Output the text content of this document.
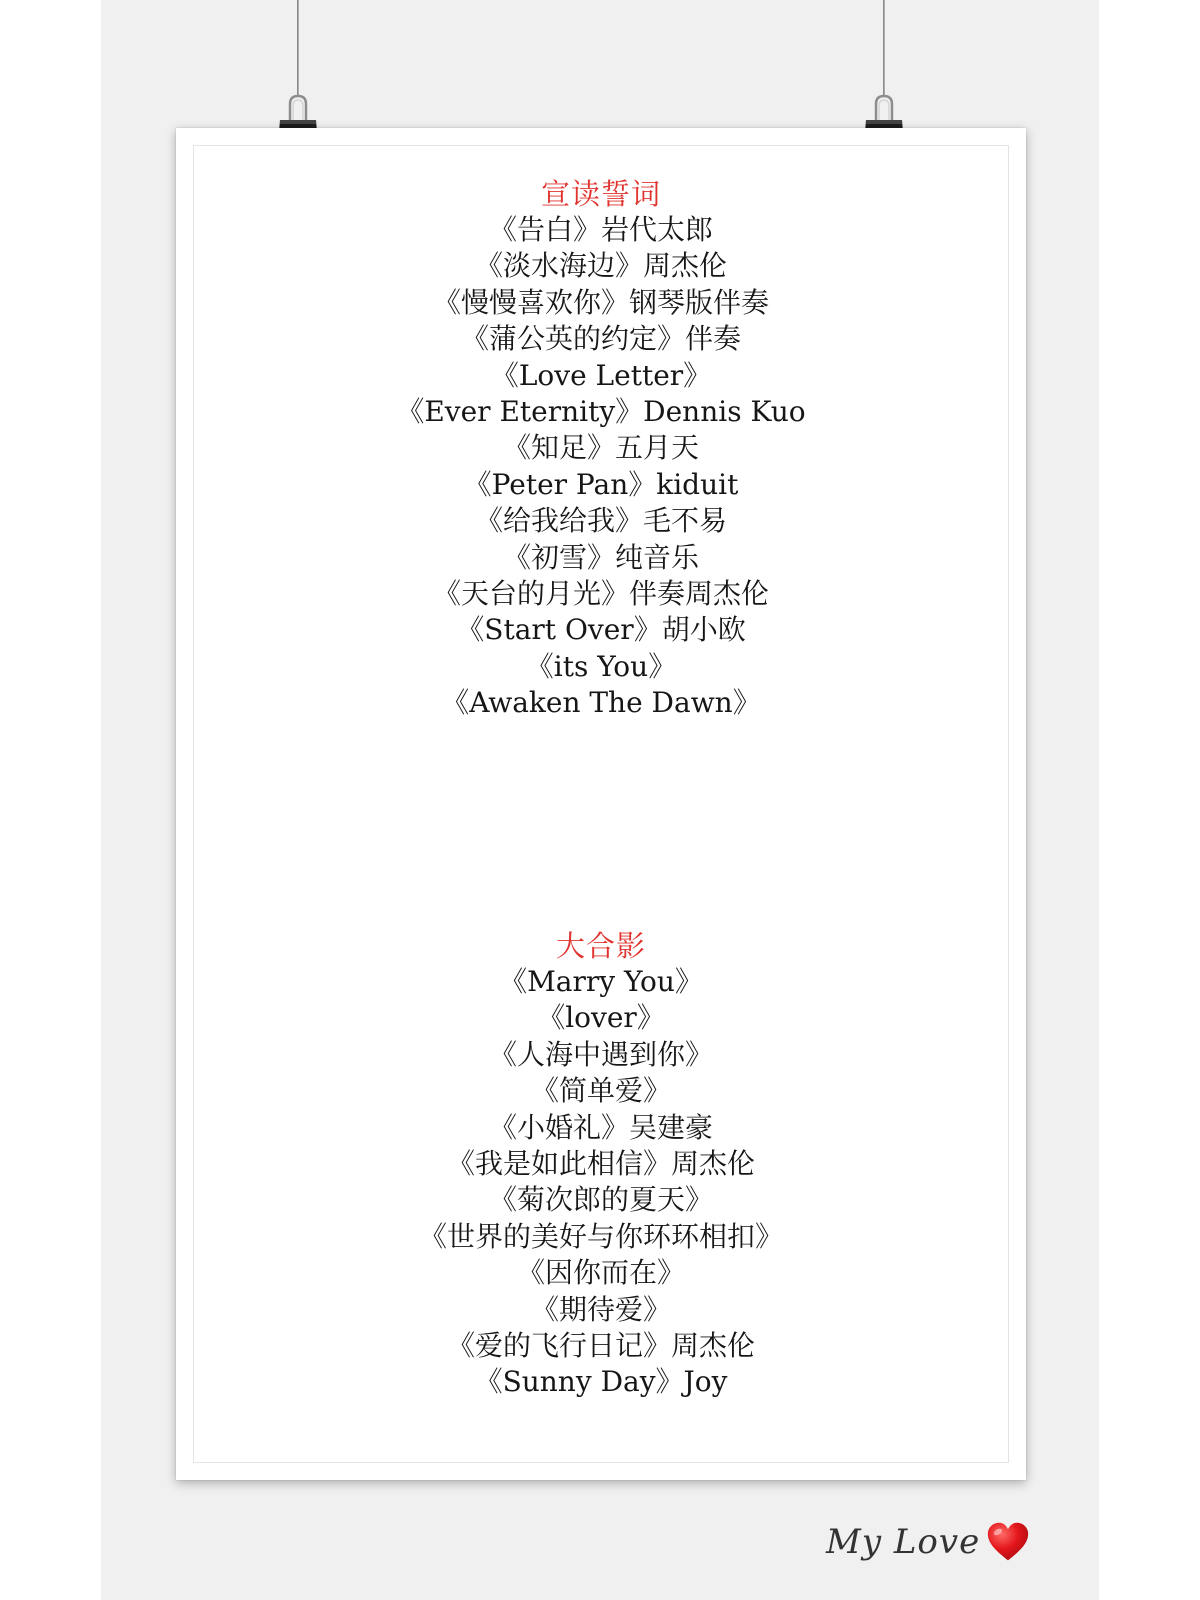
宣读誓词
《告白》岩代太郎
《淡水海边》周杰伦
《慢慢喜欢你》钢琴版伴奏
《蒲公英的约定》伴奏
《Love Letter》
《Ever Eternity》Dennis Kuo
《知足》五月天
《Peter Pan》kiduit
《给我给我》毛不易
《初雪》纯音乐
《天台的月光》伴奏周杰伦
《Start Over》胡小欧
《its You》
《Awaken The Dawn》
大合影
《Marry You》
《lover》
《人海中遇到你》
《简单爱》
《小婚礼》吴建豪
《我是如此相信》周杰伦
《菊次郎的夏天》
《世界的美好与你环环相扣》
《因你而在》
《期待爱》
《爱的飞行日记》周杰伦
《Sunny Day》Joy
My Love
